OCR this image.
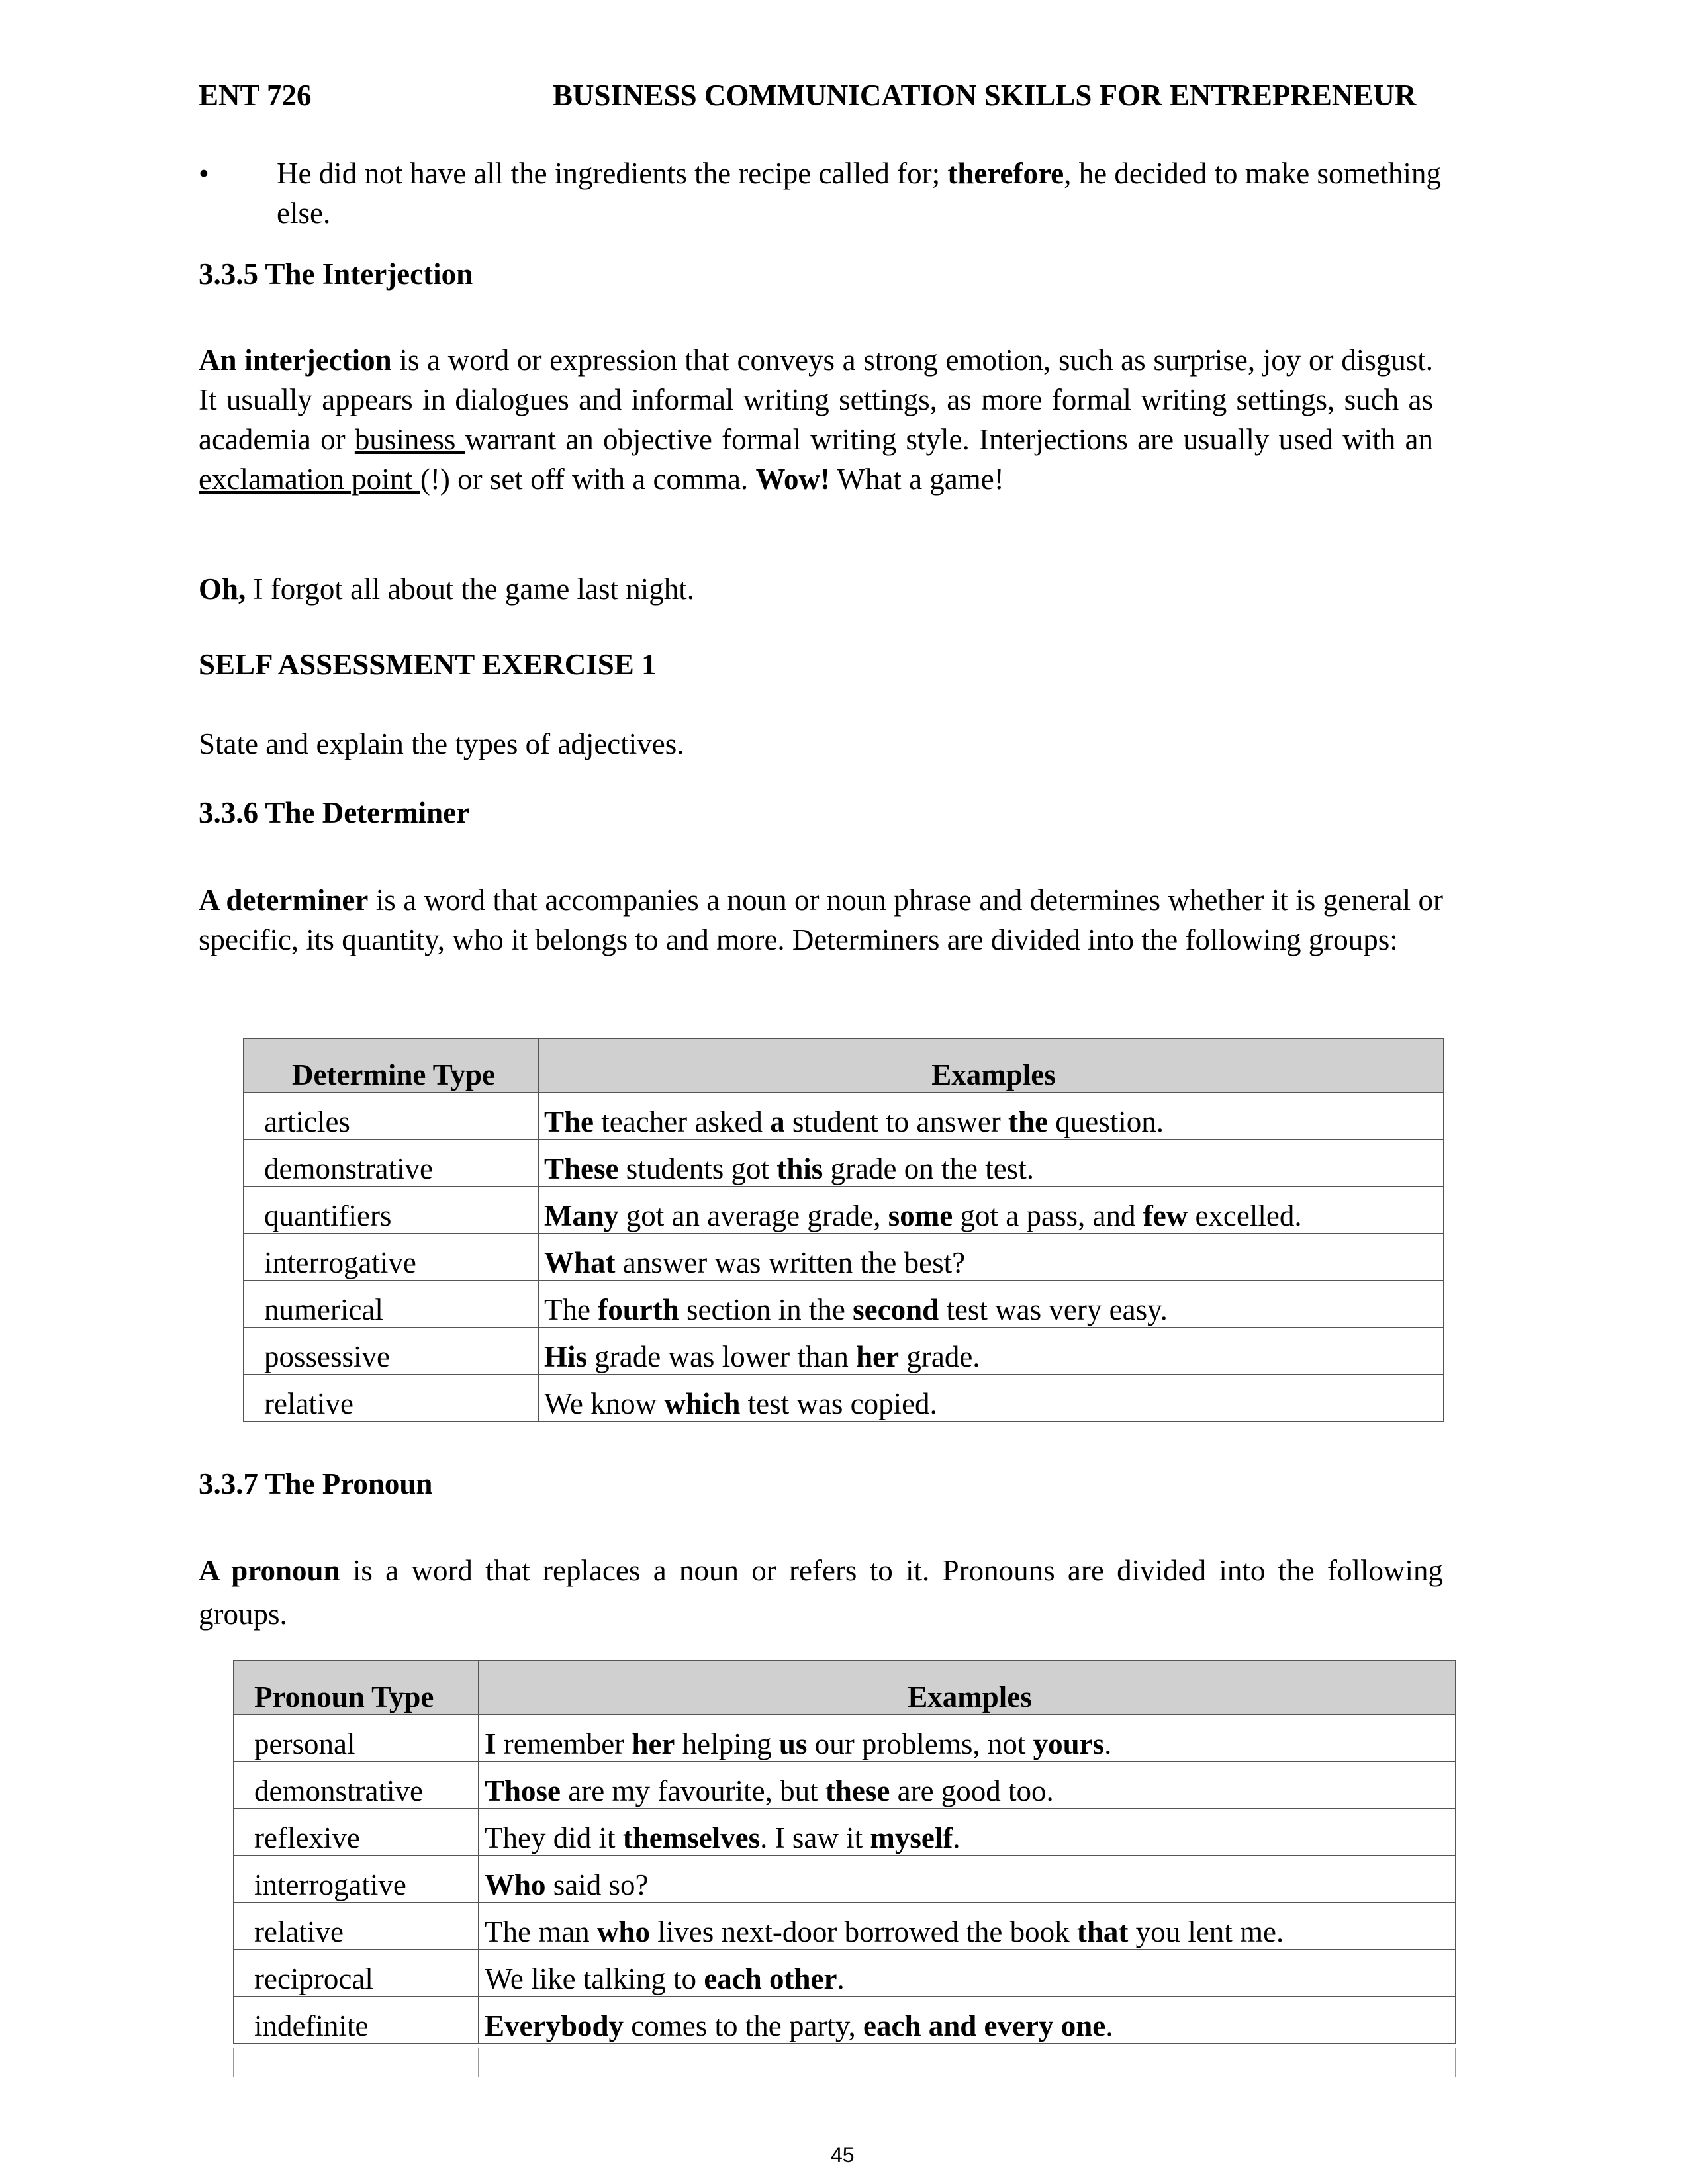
ENT 726	BUSINESS COMMUNICATION SKILLS FOR ENTREPRENEUR
• He did not have all the ingredients the recipe called for; therefore, he decided to make something else.
3.3.5 The Interjection
An interjection is a word or expression that conveys a strong emotion, such as surprise, joy or disgust. It usually appears in dialogues and informal writing settings, as more formal writing settings, such as academia or business warrant an objective formal writing style. Interjections are usually used with an exclamation point (!) or set off with a comma. Wow! What a game!
Oh, I forgot all about the game last night.
SELF ASSESSMENT EXERCISE 1
State and explain the types of adjectives.
3.3.6 The Determiner
A determiner is a word that accompanies a noun or noun phrase and determines whether it is general or specific, its quantity, who it belongs to and more. Determiners are divided into the following groups:
Determine Type	Examples
articles	The teacher asked a student to answer the question.
demonstrative	These students got this grade on the test.
quantifiers	Many got an average grade, some got a pass, and few excelled.
interrogative	What answer was written the best?
numerical	The fourth section in the second test was very easy.
possessive	His grade was lower than her grade.
relative	We know which test was copied.
3.3.7 The Pronoun
A pronoun is a word that replaces a noun or refers to it. Pronouns are divided into the following groups.
Pronoun Type	Examples
personal	I remember her helping us our problems, not yours.
demonstrative	Those are my favourite, but these are good too.
reflexive	They did it themselves. I saw it myself.
interrogative	Who said so?
relative	The man who lives next-door borrowed the book that you lent me.
reciprocal	We like talking to each other.
indefinite	Everybody comes to the party, each and every one.
45
